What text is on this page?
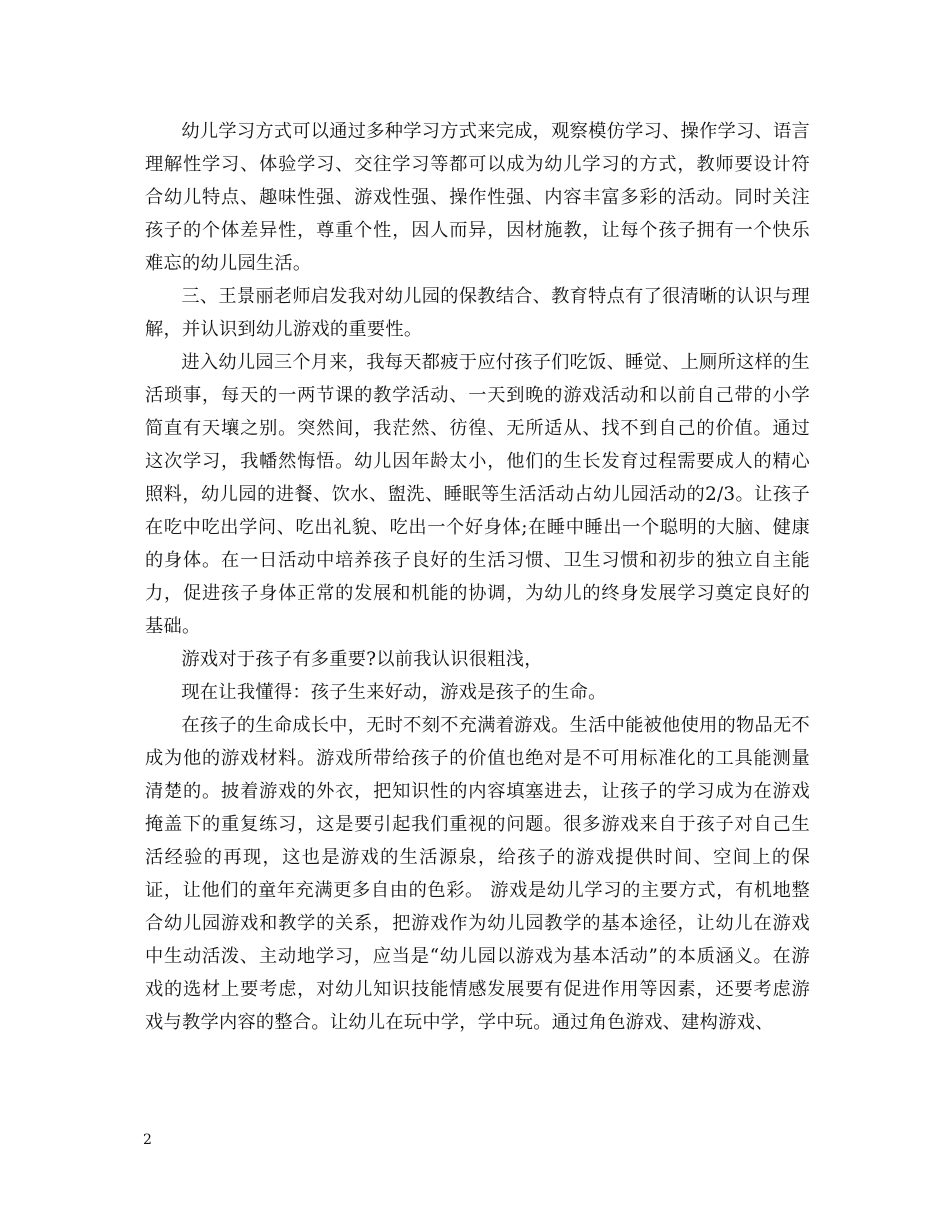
幼儿学习方式可以通过多种学习方式来完成，观察模仿学习、操作学习、语言理解性学习、体验学习、交往学习等都可以成为幼儿学习的方式，教师要设计符合幼儿特点、趣味性强、游戏性强、操作性强、内容丰富多彩的活动。同时关注孩子的个体差异性，尊重个性，因人而异，因材施教，让每个孩子拥有一个快乐难忘的幼儿园生活。

三、王景丽老师启发我对幼儿园的保教结合、教育特点有了很清晰的认识与理解，并认识到幼儿游戏的重要性。

进入幼儿园三个月来，我每天都疲于应付孩子们吃饭、睡觉、上厕所这样的生活琐事，每天的一两节课的教学活动、一天到晚的游戏活动和以前自己带的小学简直有天壤之别。突然间，我茫然、彷徨、无所适从、找不到自己的价值。通过这次学习，我幡然悔悟。幼儿因年龄太小，他们的生长发育过程需要成人的精心照料，幼儿园的进餐、饮水、盥洗、睡眠等生活活动占幼儿园活动的2/3。让孩子在吃中吃出学问、吃出礼貌、吃出一个好身体;在睡中睡出一个聪明的大脑、健康的身体。在一日活动中培养孩子良好的生活习惯、卫生习惯和初步的独立自主能力，促进孩子身体正常的发展和机能的协调，为幼儿的终身发展学习奠定良好的基础。

游戏对于孩子有多重要?以前我认识很粗浅，

现在让我懂得：孩子生来好动，游戏是孩子的生命。

在孩子的生命成长中，无时不刻不充满着游戏。生活中能被他使用的物品无不成为他的游戏材料。游戏所带给孩子的价值也绝对是不可用标准化的工具能测量清楚的。披着游戏的外衣，把知识性的内容填塞进去，让孩子的学习成为在游戏掩盖下的重复练习，这是要引起我们重视的问题。很多游戏来自于孩子对自己生活经验的再现，这也是游戏的生活源泉，给孩子的游戏提供时间、空间上的保证，让他们的童年充满更多自由的色彩。 游戏是幼儿学习的主要方式，有机地整合幼儿园游戏和教学的关系，把游戏作为幼儿园教学的基本途径，让幼儿在游戏中生动活泼、主动地学习，应当是“幼儿园以游戏为基本活动”的本质涵义。在游戏的选材上要考虑，对幼儿知识技能情感发展要有促进作用等因素，还要考虑游戏与教学内容的整合。让幼儿在玩中学，学中玩。通过角色游戏、建构游戏、

2
